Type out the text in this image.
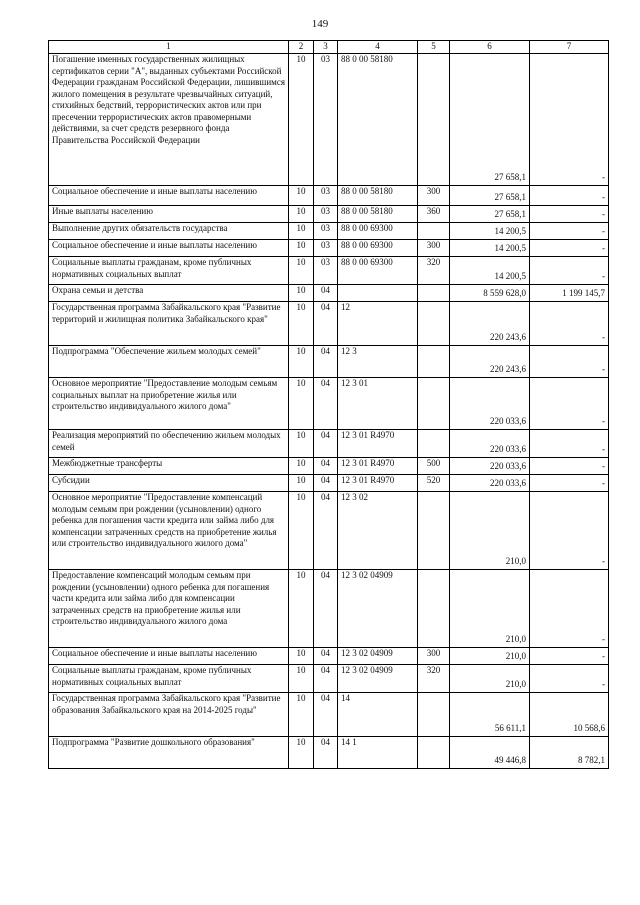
149
1	2	3	4	5	6	7
Погашение именных государственных жилищных сертификатов серии "А", выданных субъектами Российской Федерации гражданам Российской Федерации, лишившимся жилого помещения в результате чрезвычайных ситуаций, стихийных бедствий, террористических актов или при пресечении террористических актов правомерными действиями, за счет средств резервного фонда Правительства Российской Федерации	10	03	88 0 00 58180		27 658,1	-
Социальное обеспечение и иные выплаты населению	10	03	88 0 00 58180	300	27 658,1	-
Иные выплаты населению	10	03	88 0 00 58180	360	27 658,1	-
Выполнение других обязательств государства	10	03	88 0 00 69300		14 200,5	-
Социальное обеспечение и иные выплаты населению	10	03	88 0 00 69300	300	14 200,5	-
Социальные выплаты гражданам, кроме публичных нормативных социальных выплат	10	03	88 0 00 69300	320	14 200,5	-
Охрана семьи и детства	10	04			8 559 628,0	1 199 145,7
Государственная программа Забайкальского края "Развитие территорий и жилищная политика Забайкальского края"	10	04	12		220 243,6	-
Подпрограмма "Обеспечение жильем молодых семей"	10	04	12 3		220 243,6	-
Основное мероприятие "Предоставление молодым семьям социальных выплат на приобретение жилья или строительство индивидуального жилого дома"	10	04	12 3 01		220 033,6	-
Реализация мероприятий по обеспечению жильем молодых семей	10	04	12 3 01 R4970		220 033,6	-
Межбюджетные трансферты	10	04	12 3 01 R4970	500	220 033,6	-
Субсидии	10	04	12 3 01 R4970	520	220 033,6	-
Основное мероприятие "Предоставление компенсаций молодым семьям при рождении (усыновлении) одного ребенка для погашения части кредита или займа либо для компенсации затраченных средств на приобретение жилья или строительство индивидуального жилого дома"	10	04	12 3 02		210,0	-
Предоставление компенсаций молодым семьям при рождении (усыновлении) одного ребенка для погашения части кредита или займа либо для компенсации затраченных средств на приобретение жилья или строительство индивидуального жилого дома	10	04	12 3 02 04909		210,0	-
Социальное обеспечение и иные выплаты населению	10	04	12 3 02 04909	300	210,0	-
Социальные выплаты гражданам, кроме публичных нормативных социальных выплат	10	04	12 3 02 04909	320	210,0	-
Государственная программа Забайкальского края "Развитие образования Забайкальского края на 2014-2025 годы"	10	04	14		56 611,1	10 568,6
Подпрограмма "Развитие дошкольного образования"	10	04	14 1		49 446,8	8 782,1
